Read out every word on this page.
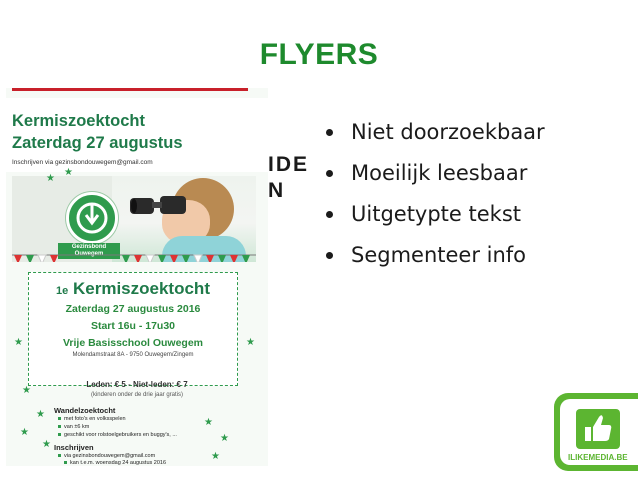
FLYERS
Kermiszoektocht
Zaterdag 27 augustus
Inschrijven via gezinsbondouwegem@gmail.com
Gezinsbond
Ouwegem
1e Kermiszoektocht
Zaterdag 27 augustus 2016
Start 16u - 17u30
Vrije Basisschool Ouwegem
Molendamstraat 8A - 9750 Ouwegem/Zingem
Leden: € 5 - Niet-leden: € 7
(kinderen onder de drie jaar gratis)
Wandelzoektocht
met foto's en volksspelen
van ±6 km
geschikt voor rolstoelgebruikers en buggy's, ...
Inschrijven
via gezinsbondouwegem@gmail.com
kan t.e.m. woensdag 24 augustus 2016
★
★
★
★
★
★
★
★
★
★
★
IDE
N
Niet doorzoekbaar
Moeilijk leesbaar
Uitgetypte tekst
Segmenteer info
ILIKEMEDIA.BE
